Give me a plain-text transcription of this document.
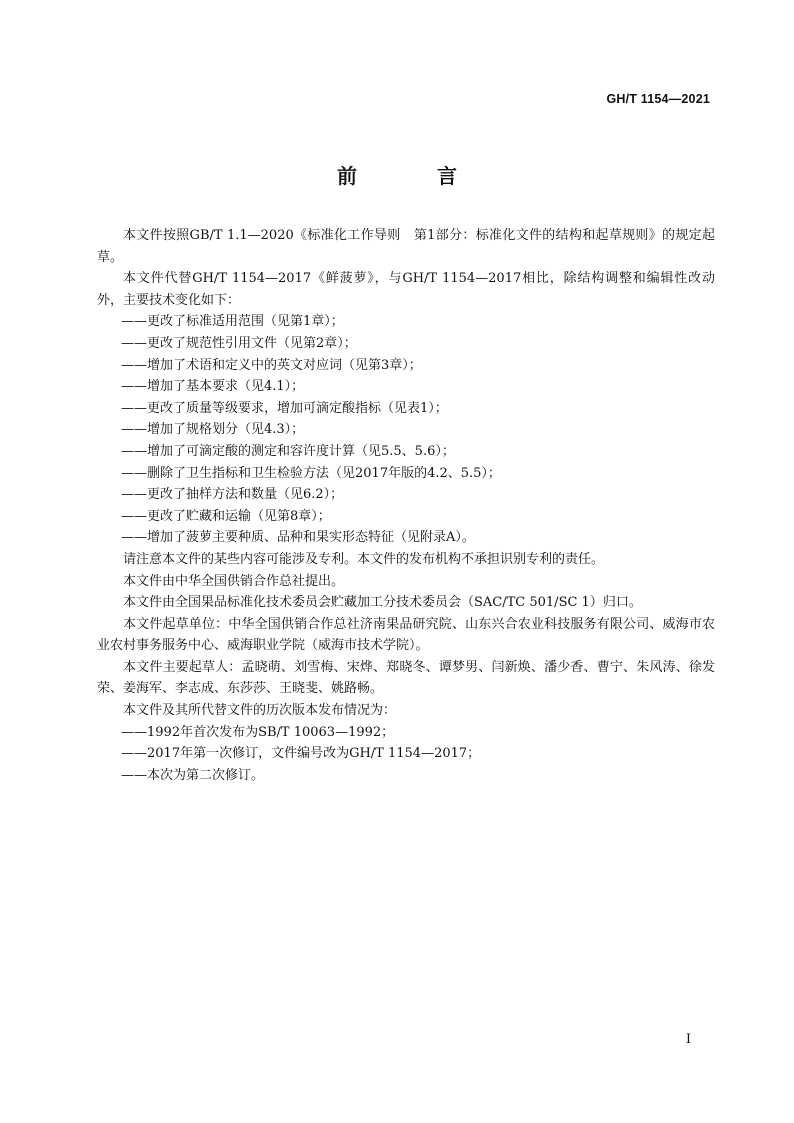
GH/T 1154—2021
前　言

本文件按照GB/T 1.1—2020《标准化工作导则　第1部分：标准化文件的结构和起草规则》的规定起草。

本文件代替GH/T 1154—2017《鲜菠萝》，与GH/T 1154—2017相比，除结构调整和编辑性改动外，主要技术变化如下：

——更改了标准适用范围（见第1章）；

——更改了规范性引用文件（见第2章）；

——增加了术语和定义中的英文对应词（见第3章）；

——增加了基本要求（见4.1）；

——更改了质量等级要求，增加可滴定酸指标（见表1）；

——增加了规格划分（见4.3）；

——增加了可滴定酸的测定和容许度计算（见5.5、5.6）；

——删除了卫生指标和卫生检验方法（见2017年版的4.2、5.5）；

——更改了抽样方法和数量（见6.2）；

——更改了贮藏和运输（见第8章）；

——增加了菠萝主要种质、品种和果实形态特征（见附录A）。

请注意本文件的某些内容可能涉及专利。本文件的发布机构不承担识别专利的责任。

本文件由中华全国供销合作总社提出。

本文件由全国果品标准化技术委员会贮藏加工分技术委员会（SAC/TC 501/SC 1）归口。

本文件起草单位：中华全国供销合作总社济南果品研究院、山东兴合农业科技服务有限公司、威海市农业农村事务服务中心、威海职业学院（威海市技术学院）。

本文件主要起草人：孟晓萌、刘雪梅、宋烨、郑晓冬、谭梦男、闫新焕、潘少香、曹宁、朱风涛、徐发荣、姜海军、李志成、东莎莎、王晓斐、姚路畅。

本文件及其所代替文件的历次版本发布情况为：

——1992年首次发布为SB/T 10063—1992；

——2017年第一次修订，文件编号改为GH/T 1154—2017；

——本次为第二次修订。

I
